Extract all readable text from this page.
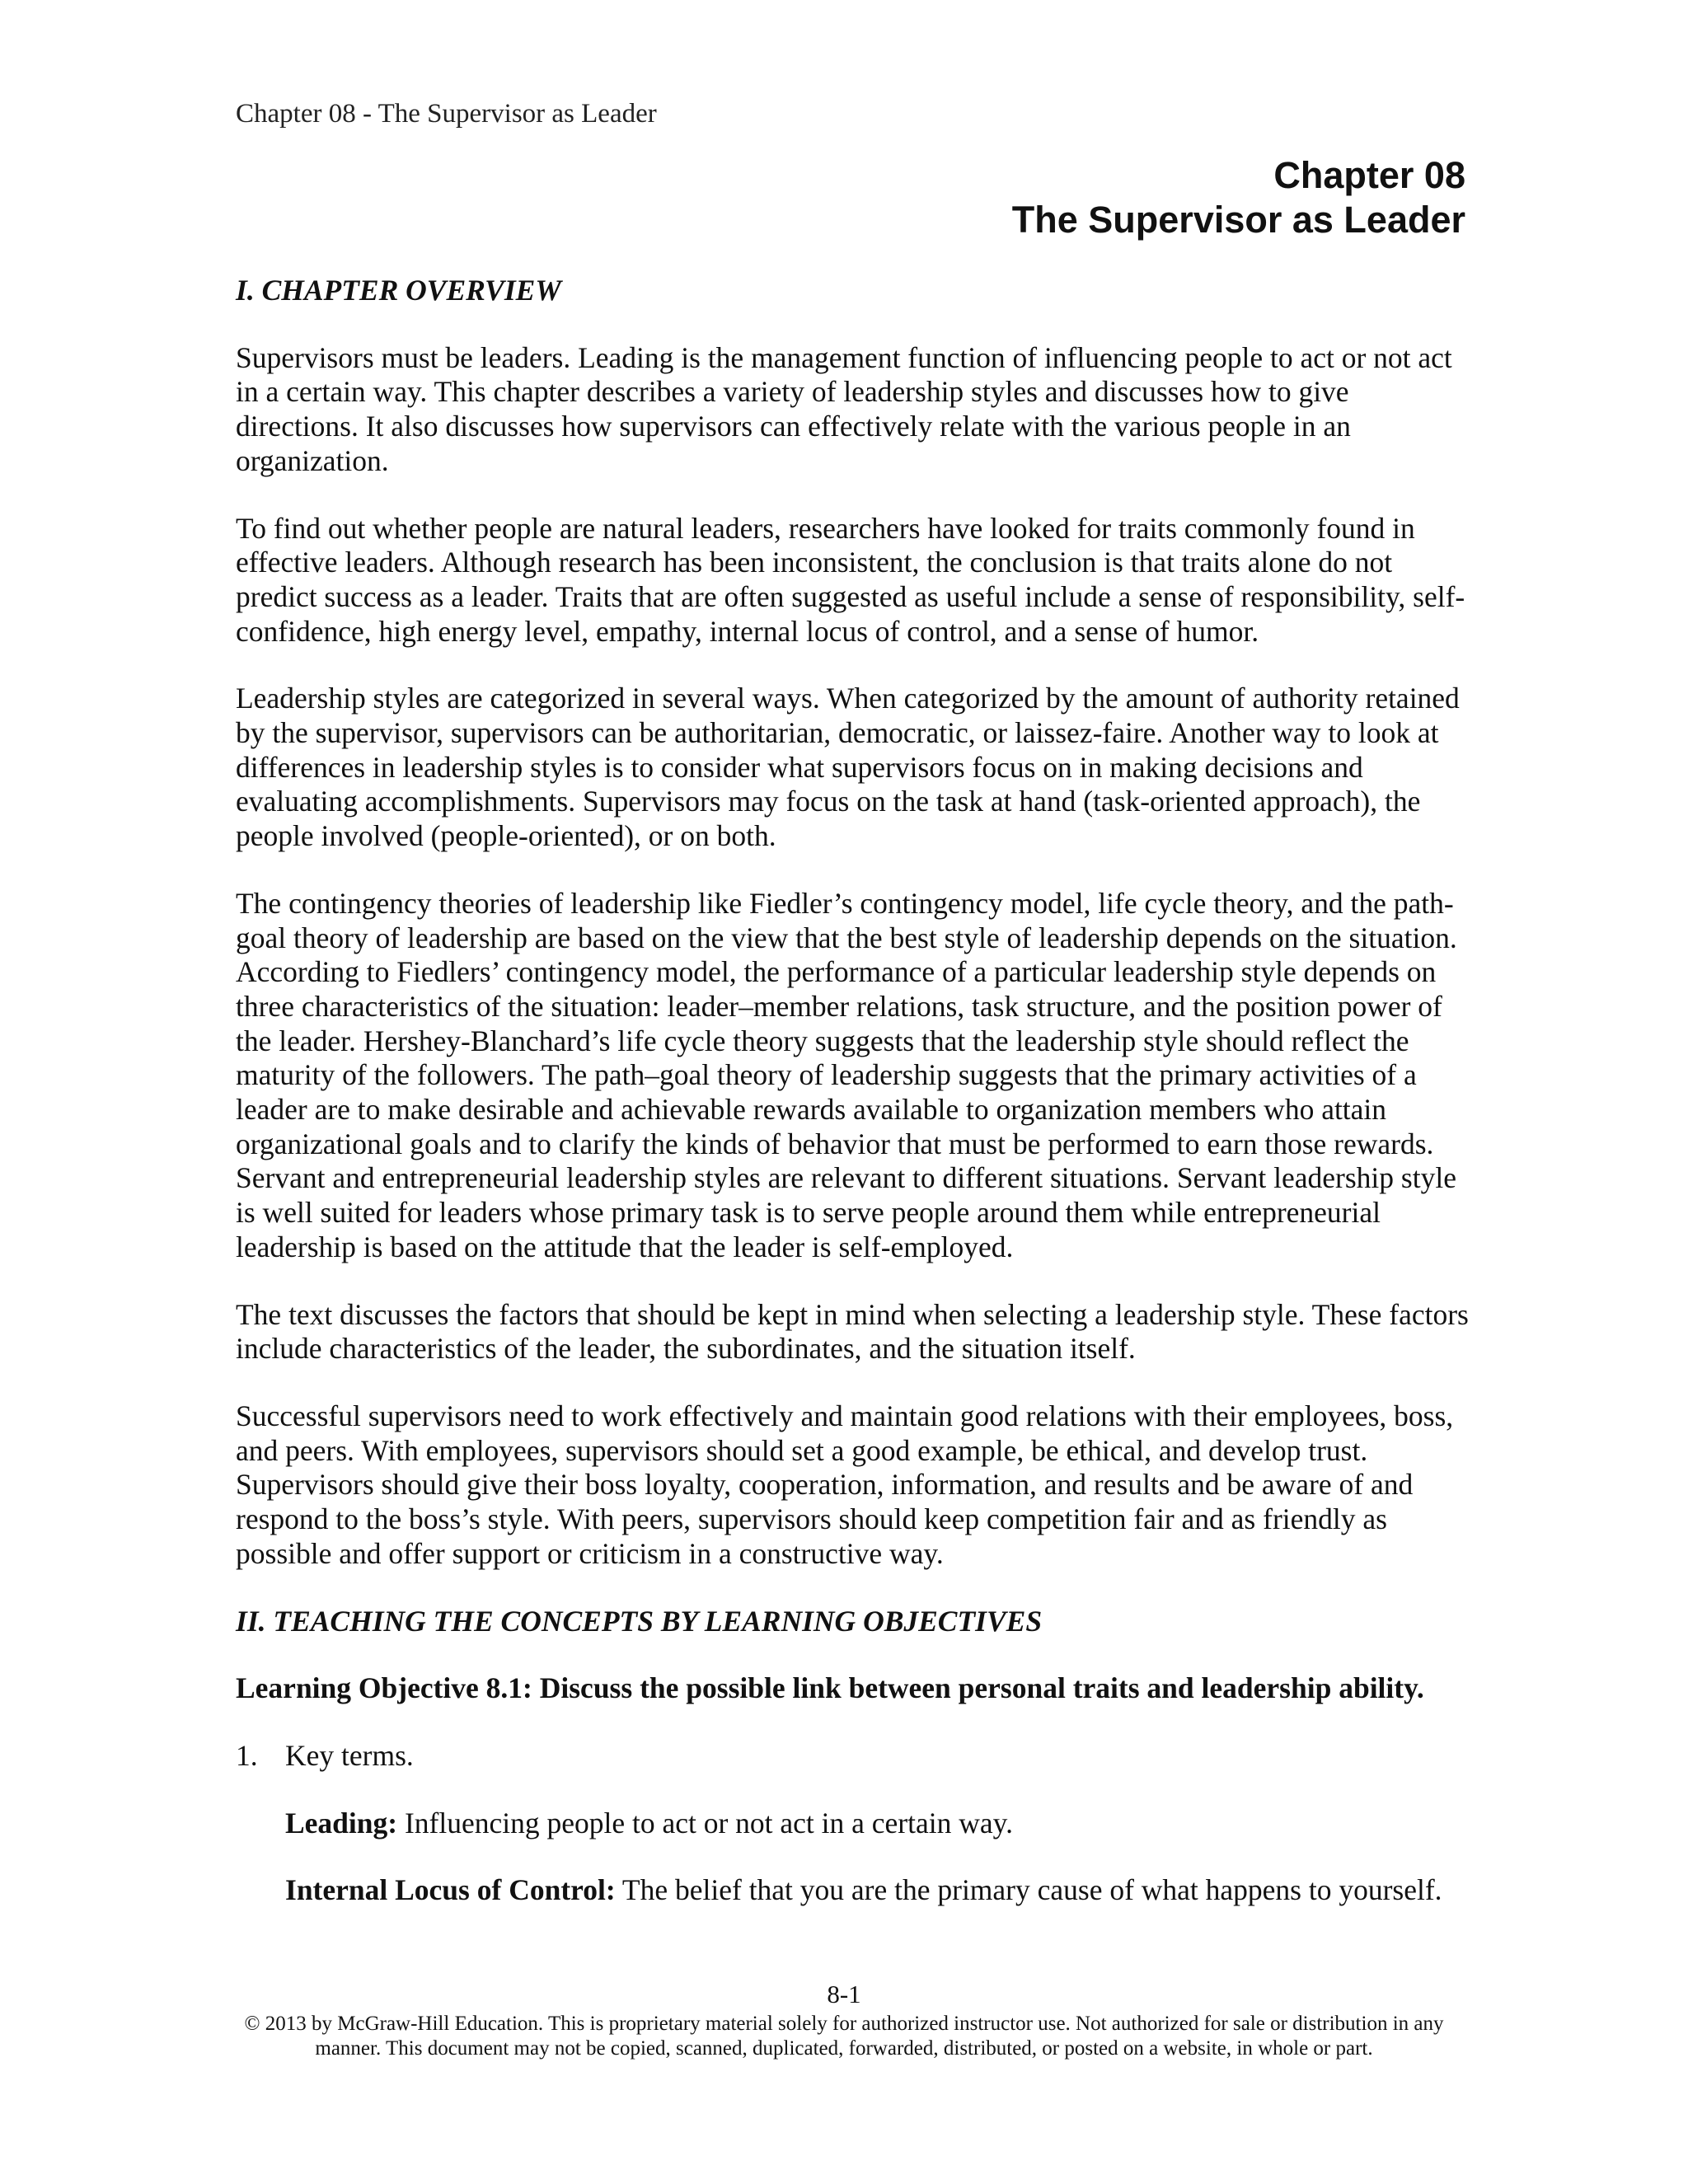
Chapter 08 - The Supervisor as Leader
Chapter 08
The Supervisor as Leader
I. CHAPTER OVERVIEW

Supervisors must be leaders. Leading is the management function of influencing people to act or not act in a certain way. This chapter describes a variety of leadership styles and discusses how to give directions. It also discusses how supervisors can effectively relate with the various people in an organization.

To find out whether people are natural leaders, researchers have looked for traits commonly found in effective leaders. Although research has been inconsistent, the conclusion is that traits alone do not predict success as a leader. Traits that are often suggested as useful include a sense of responsibility, self-confidence, high energy level, empathy, internal locus of control, and a sense of humor.

Leadership styles are categorized in several ways. When categorized by the amount of authority retained by the supervisor, supervisors can be authoritarian, democratic, or laissez-faire. Another way to look at differences in leadership styles is to consider what supervisors focus on in making decisions and evaluating accomplishments. Supervisors may focus on the task at hand (task-oriented approach), the people involved (people-oriented), or on both.

The contingency theories of leadership like Fiedler’s contingency model, life cycle theory, and the path-goal theory of leadership are based on the view that the best style of leadership depends on the situation. According to Fiedlers’ contingency model, the performance of a particular leadership style depends on three characteristics of the situation: leader–member relations, task structure, and the position power of the leader. Hershey-Blanchard’s life cycle theory suggests that the leadership style should reflect the maturity of the followers. The path–goal theory of leadership suggests that the primary activities of a leader are to make desirable and achievable rewards available to organization members who attain organizational goals and to clarify the kinds of behavior that must be performed to earn those rewards. Servant and entrepreneurial leadership styles are relevant to different situations. Servant leadership style is well suited for leaders whose primary task is to serve people around them while entrepreneurial leadership is based on the attitude that the leader is self-employed.

The text discusses the factors that should be kept in mind when selecting a leadership style. These factors include characteristics of the leader, the subordinates, and the situation itself.

Successful supervisors need to work effectively and maintain good relations with their employees, boss, and peers. With employees, supervisors should set a good example, be ethical, and develop trust. Supervisors should give their boss loyalty, cooperation, information, and results and be aware of and respond to the boss’s style. With peers, supervisors should keep competition fair and as friendly as possible and offer support or criticism in a constructive way.

II. TEACHING THE CONCEPTS BY LEARNING OBJECTIVES
Learning Objective 8.1: Discuss the possible link between personal traits and leadership ability.
1. Key terms.
Leading: Influencing people to act or not act in a certain way.
Internal Locus of Control: The belief that you are the primary cause of what happens to yourself.
8-1
© 2013 by McGraw-Hill Education. This is proprietary material solely for authorized instructor use. Not authorized for sale or distribution in any manner. This document may not be copied, scanned, duplicated, forwarded, distributed, or posted on a website, in whole or part.
